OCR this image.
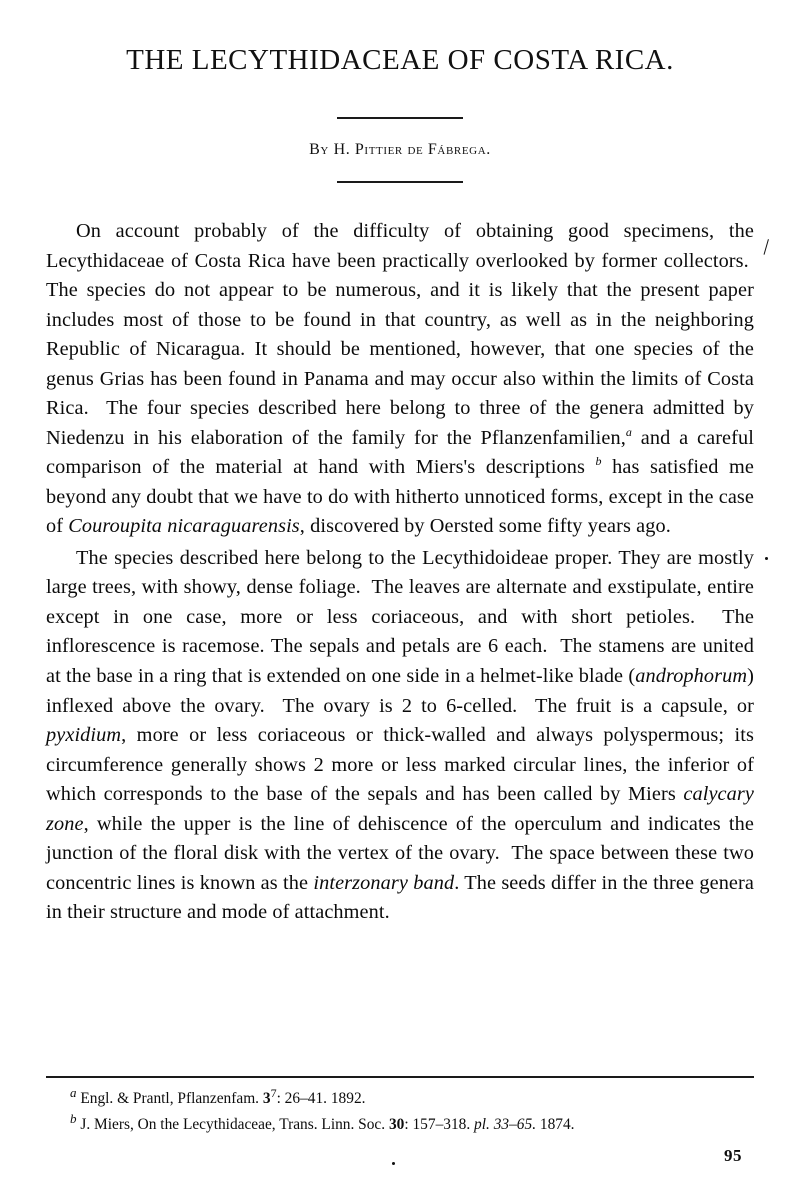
THE LECYTHIDACEAE OF COSTA RICA.
By H. Pittier de Fábrega.

On account probably of the difficulty of obtaining good specimens, the Lecythidaceae of Costa Rica have been practically overlooked by former collectors.  The species do not appear to be numerous, and it is likely that the present paper includes most of those to be found in that country, as well as in the neighboring Republic of Nicaragua. It should be mentioned, however, that one species of the genus Grias has been found in Panama and may occur also within the limits of Costa Rica.  The four species described here belong to three of the genera admitted by Niedenzu in his elaboration of the family for the Pflanzenfamilien,$^a$ and a careful comparison of the material at hand with Miers's descriptions $^b$ has satisfied me beyond any doubt that we have to do with hitherto unnoticed forms, except in the case of Couroupita nicaraguarensis, discovered by Oersted some fifty years ago.

The species described here belong to the Lecythidoideae proper. They are mostly large trees, with showy, dense foliage.  The leaves are alternate and exstipulate, entire except in one case, more or less coriaceous, and with short petioles.  The inflorescence is racemose. The sepals and petals are 6 each.  The stamens are united at the base in a ring that is extended on one side in a helmet-like blade (androphorum) inflexed above the ovary.  The ovary is 2 to 6-celled.  The fruit is a capsule, or pyxidium, more or less coriaceous or thick-walled and always polyspermous; its circumference generally shows 2 more or less marked circular lines, the inferior of which corresponds to the base of the sepals and has been called by Miers calycary zone, while the upper is the line of dehiscence of the operculum and indicates the junction of the floral disk with the vertex of the ovary.  The space between these two concentric lines is known as the interzonary band. The seeds differ in the three genera in their structure and mode of attachment.

$^a$ Engl. & Prantl, Pflanzenfam. $3^7$: 26–41. 1892.

$^b$ J. Miers, On the Lecythidaceae, Trans. Linn. Soc. 30: 157–318. pl. 33–65. 1874.

95
